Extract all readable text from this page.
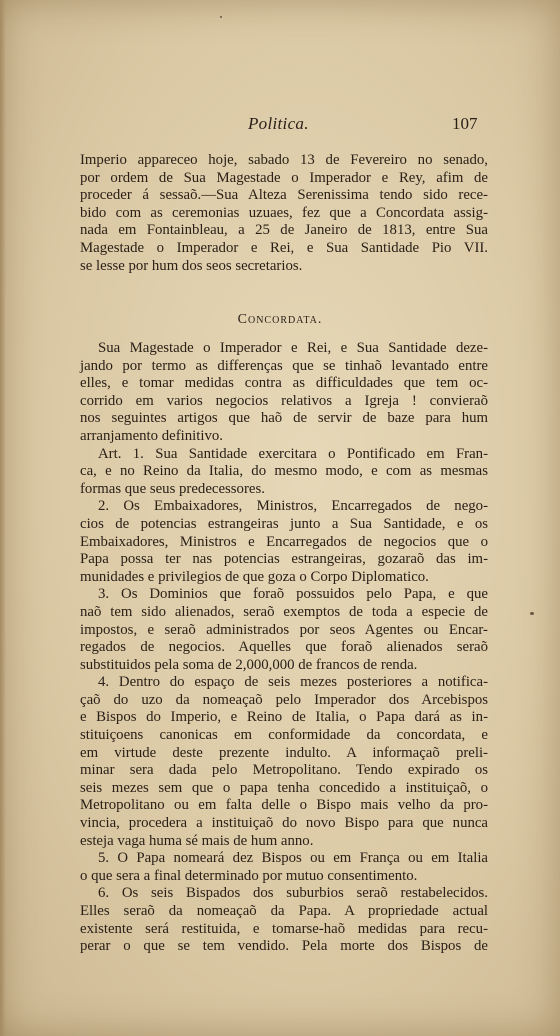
Politica.	107
Imperio appareceo hoje, sabado 13 de Fevereiro no senado,
por ordem de Sua Magestade o Imperador e Rey, afim de
proceder á sessaõ.—Sua Alteza Serenissima tendo sido rece-
bido com as ceremonias uzuaes, fez que a Concordata assig-
nada em Fontainbleau, a 25 de Janeiro de 1813, entre Sua
Magestade o Imperador e Rei, e Sua Santidade Pio VII.
se lesse por hum dos seos secretarios.
Concordata.
Sua Magestade o Imperador e Rei, e Sua Santidade deze-
jando por termo as differenças que se tinhaõ levantado entre
elles, e tomar medidas contra as difficuldades que tem oc-
corrido em varios negocios relativos a Igreja ! convieraõ
nos seguintes artigos que haõ de servir de baze para hum
arranjamento definitivo.
Art. 1. Sua Santidade exercitara o Pontificado em Fran-
ca, e no Reino da Italia, do mesmo modo, e com as mesmas
formas que seus predecessores.
2. Os Embaixadores, Ministros, Encarregados de nego-
cios de potencias estrangeiras junto a Sua Santidade, e os
Embaixadores, Ministros e Encarregados de negocios que o
Papa possa ter nas potencias estrangeiras, gozaraõ das im-
munidades e privilegios de que goza o Corpo Diplomatico.
3. Os Dominios que foraõ possuidos pelo Papa, e que
naõ tem sido alienados, seraõ exemptos de toda a especie de
impostos, e seraõ administrados por seos Agentes ou Encar-
regados de negocios. Aquelles que foraõ alienados seraõ
substituidos pela soma de 2,000,000 de francos de renda.
4. Dentro do espaço de seis mezes posteriores a notifica-
çaõ do uzo da nomeaçaõ pelo Imperador dos Arcebispos
e Bispos do Imperio, e Reino de Italia, o Papa dará as in-
stituiçoens canonicas em conformidade da concordata, e
em virtude deste prezente indulto. A informaçaõ preli-
minar sera dada pelo Metropolitano. Tendo expirado os
seis mezes sem que o papa tenha concedido a instituiçaõ, o
Metropolitano ou em falta delle o Bispo mais velho da pro-
vincia, procedera a instituiçaõ do novo Bispo para que nunca
esteja vaga huma sé mais de hum anno.
5. O Papa nomeará dez Bispos ou em França ou em Italia
o que sera a final determinado por mutuo consentimento.
6. Os seis Bispados dos suburbios seraõ restabelecidos.
Elles seraõ da nomeaçaõ da Papa. A propriedade actual
existente será restituida, e tomarse-haõ medidas para recu-
perar o que se tem vendido. Pela morte dos Bispos de
